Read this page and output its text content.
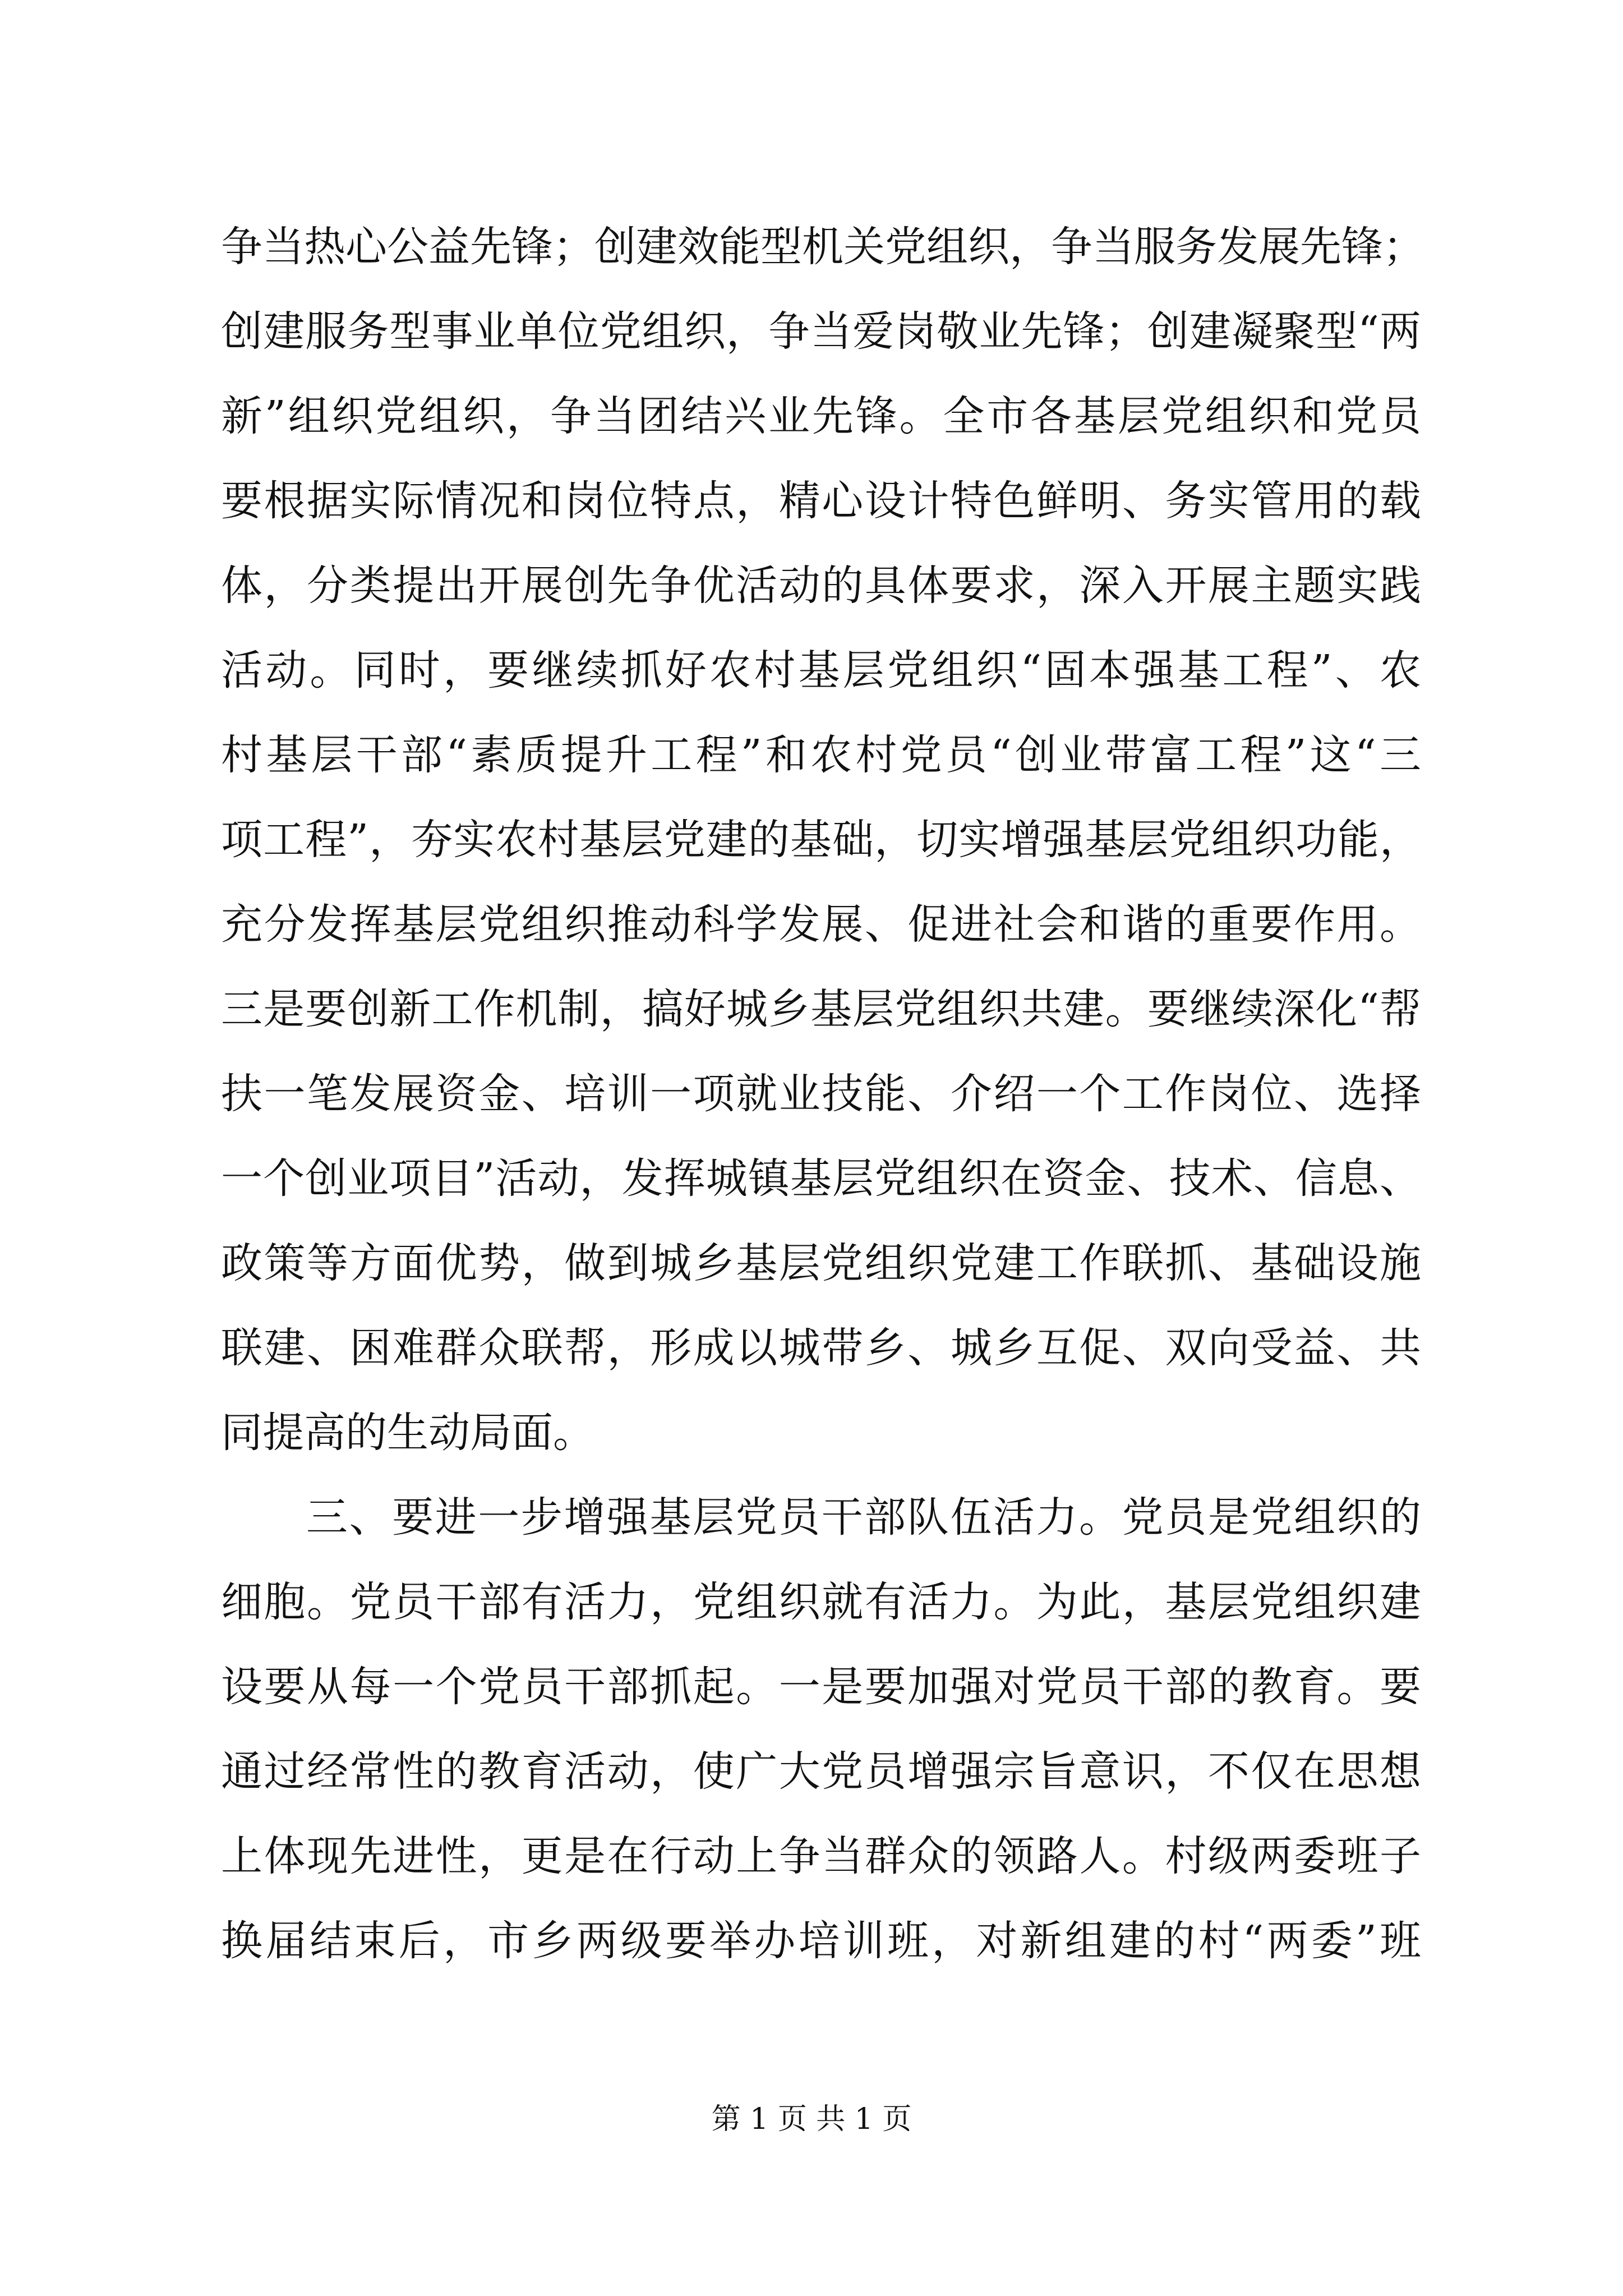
争当热心公益先锋；创建效能型机关党组织，争当服务发展先锋；
创建服务型事业单位党组织，争当爱岗敬业先锋；创建凝聚型“两
新”组织党组织，争当团结兴业先锋。全市各基层党组织和党员
要根据实际情况和岗位特点，精心设计特色鲜明、务实管用的载
体，分类提出开展创先争优活动的具体要求，深入开展主题实践
活动。同时，要继续抓好农村基层党组织“固本强基工程”、农
村基层干部“素质提升工程”和农村党员“创业带富工程”这“三
项工程”，夯实农村基层党建的基础，切实增强基层党组织功能，
充分发挥基层党组织推动科学发展、促进社会和谐的重要作用。
三是要创新工作机制，搞好城乡基层党组织共建。要继续深化“帮
扶一笔发展资金、培训一项就业技能、介绍一个工作岗位、选择
一个创业项目”活动，发挥城镇基层党组织在资金、技术、信息、
政策等方面优势，做到城乡基层党组织党建工作联抓、基础设施
联建、困难群众联帮，形成以城带乡、城乡互促、双向受益、共
同提高的生动局面。
三、要进一步增强基层党员干部队伍活力。党员是党组织的
细胞。党员干部有活力，党组织就有活力。为此，基层党组织建
设要从每一个党员干部抓起。一是要加强对党员干部的教育。要
通过经常性的教育活动，使广大党员增强宗旨意识，不仅在思想
上体现先进性，更是在行动上争当群众的领路人。村级两委班子
换届结束后，市乡两级要举办培训班，对新组建的村“两委”班
第 1 页 共 1 页
